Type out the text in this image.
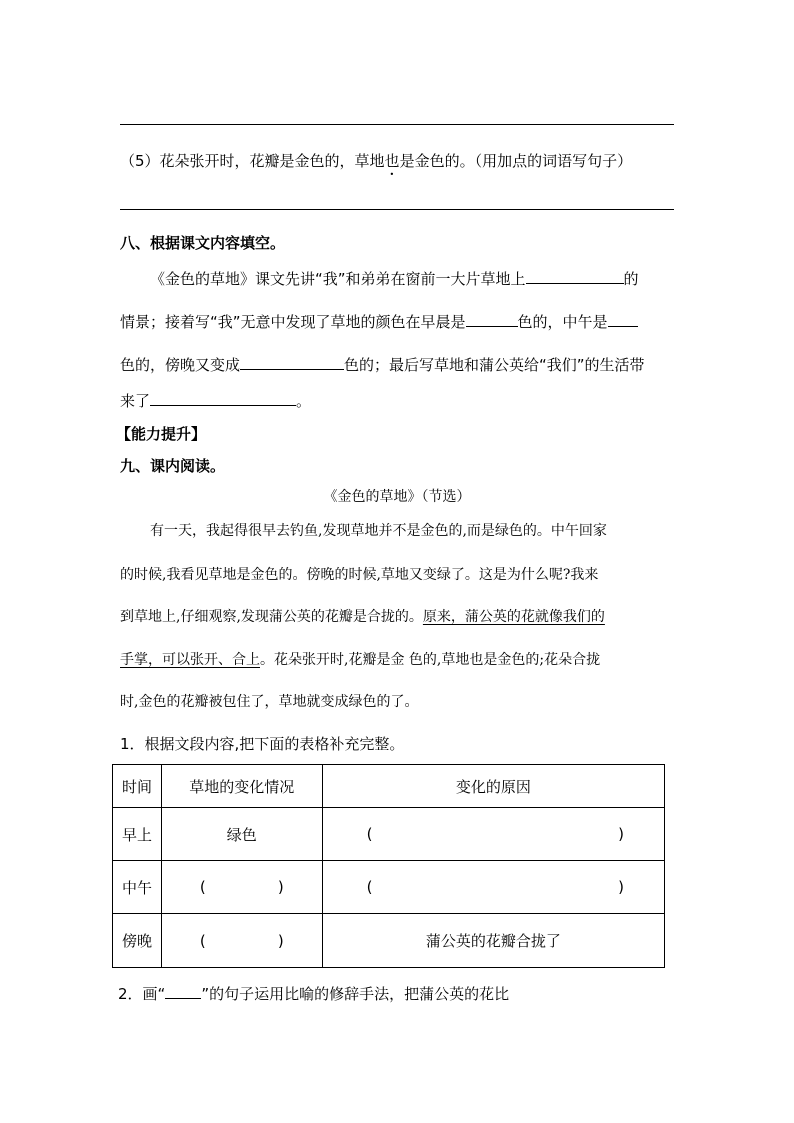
（5）花朵张开时，花瓣是金色的，草地也是金色的。（用加点的词语写句子）
八、根据课文内容填空。
《金色的草地》课文先讲“我”和弟弟在窗前一大片草地上	的
情景；接着写“我”无意中发现了草地的颜色在早晨是	色的，中午是
色的，傍晚又变成	色的；最后写草地和蒲公英给“我们”的生活带
来了	。
【能力提升】
九、课内阅读。
《金色的草地》（节选）
有一天，我起得很早去钓鱼,发现草地并不是金色的,而是绿色的。中午回家
的时候,我看见草地是金色的。傍晚的时候,草地又变绿了。这是为什么呢?我来
到草地上,仔细观察,发现蒲公英的花瓣是合拢的。原来，蒲公英的花就像我们的
手掌，可以张开、合上。花朵张开时,花瓣是金 色的,草地也是金色的;花朵合拢
时,金色的花瓣被包住了，草地就变成绿色的了。
1．根据文段内容,把下面的表格补充完整。
时间	草地的变化情况	变化的原因
早上	绿色	( )

中午	( )	( )

傍晚	( )	蒲公英的花瓣合拢了
2．画“ ”的句子运用比喻的修辞手法，把蒲公英的花比
